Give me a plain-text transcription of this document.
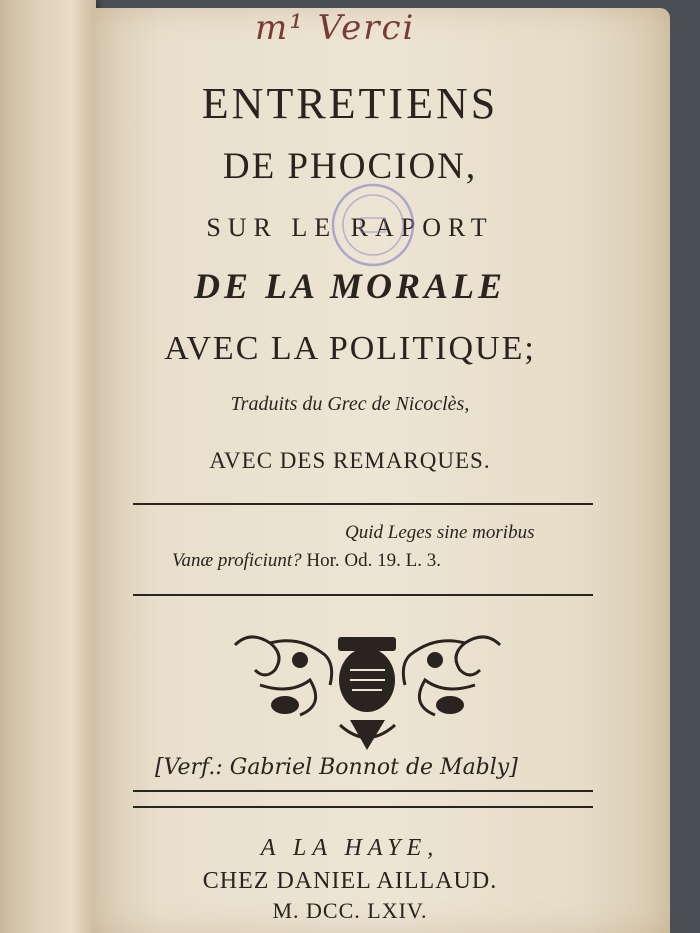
m¹ Verci
ENTRETIENS
DE PHOCION,
SUR LE RAPORT
DE LA MORALE
AVEC LA POLITIQUE;
Traduits du Grec de Nicoclès,
AVEC DES REMARQUES.
Quid Leges sine moribus
Vanæ proficiunt? Hor. Od. 19. L. 3.
[Verf.: Gabriel Bonnot de Mably]
A LA HAYE,
CHEZ DANIEL AILLAUD.
M. DCC. LXIV.
